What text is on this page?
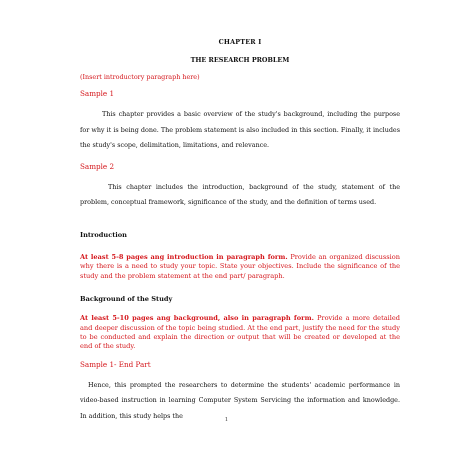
CHAPTER I
THE RESEARCH PROBLEM
(Insert introductory paragraph here)
Sample 1

This chapter provides a basic overview of the study's background, including the purpose for why it is being done. The problem statement is also included in this section. Finally, it includes the study's scope, delimitation, limitations, and relevance.

Sample 2

This chapter includes the introduction, background of the study, statement of the problem, conceptual framework, significance of the study, and the definition of terms used.

Introduction

At least 5-8 pages ang introduction in paragraph form. Provide an organized discussion why there is a need to study your topic. State your objectives. Include the significance of the study and the problem statement at the end part/ paragraph.

Background of the Study

At least 5-10 pages ang background, also in paragraph form. Provide a more detailed and deeper discussion of the topic being studied. At the end part, justify the need for the study to be conducted and explain the direction or output that will be created or developed at the end of the study.

Sample 1- End Part

Hence, this prompted the researchers to determine the students' academic performance in video-based instruction in learning Computer System Servicing the information and knowledge. In addition, this study helps the	1
